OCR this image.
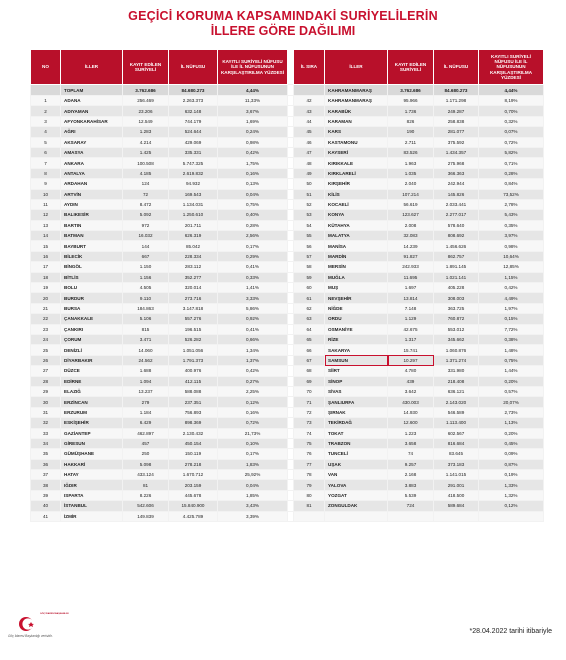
GEÇİCİ KORUMA KAPSAMINDAKİ SURİYELİLERİN
İLLERE GÖRE DAĞILIMI
NO	İLLER	KAYIT EDİLEN SURİYELİ	İL NÜFUSU	KAYITLI SURİYELİ NÜFUSU İLE İL NÜFUSUNUN KARŞILAŞTIRILMA YÜZDESİ		İL SIRA	İLLER	KAYIT EDİLEN SURİYELİ	İL NÜFUSU	KAYITLI SURİYELİ NÜFUSU İLE İL NÜFUSUNUN KARŞILAŞTIRILMA YÜZDESİ
	TOPLAM	3.762.686	84.680.273	4,44%			KAHRAMANMARAŞ	3.762.686	84.680.273	4,44%
1	ADANA	256.469	2.263.373	11,33%		42	KAHRAMANMARAŞ	95.966	1.171.298	8,19%
2	ADIYAMAN	23.206	632.148	3,67%		43	KARABÜK	1.736	249.287	0,70%
3	AFYONKARAHİSAR	12.549	744.179	1,69%		44	KARAMAN	826	258.838	0,32%
4	AĞRI	1.283	524.644	0,24%		45	KARS	190	281.077	0,07%
5	AKSARAY	4.214	429.069	0,98%		46	KASTAMONU	2.711	375.592	0,72%
6	AMASYA	1.425	335.331	0,42%		47	KAYSERİ	83.526	1.434.357	5,82%
7	ANKARA	100.508	5.747.325	1,75%		48	KIRIKKALE	1.963	275.968	0,71%
8	ANTALYA	4.185	2.619.832	0,16%		49	KIRKLARELİ	1.035	366.363	0,28%
9	ARDAHAN	124	94.932	0,13%		50	KIRŞEHİR	2.040	242.944	0,84%
10	ARTVİN	72	169.543	0,04%		51	KİLİS	107.214	145.826	73,52%
11	AYDIN	8.472	1.134.031	0,75%		52	KOCAELİ	56.619	2.033.441	2,78%
12	BALIKESİR	5.092	1.250.610	0,40%		53	KONYA	123.627	2.277.017	5,43%
13	BARTIN	972	201.711	0,28%		54	KÜTAHYA	2.008	578.640	0,35%
14	BATMAN	16.032	626.319	2,56%		55	MALATYA	32.083	808.692	3,97%
15	BAYBURT	144	85.042	0,17%		56	MANİSA	14.239	1.456.626	0,98%
16	BİLECİK	667	228.334	0,29%		57	MARDİN	91.827	862.757	10,64%
17	BİNGÖL	1.150	283.112	0,41%		58	MERSİN	242.933	1.891.145	12,85%
18	BİTLİS	1.156	352.277	0,33%		59	MUĞLA	11.695	1.021.141	1,15%
19	BOLU	4.505	320.014	1,41%		60	MUŞ	1.697	405.228	0,42%
20	BURDUR	9.110	273.716	3,33%		61	NEVŞEHİR	13.814	308.003	4,49%
21	BURSA	184.863	3.147.818	5,86%		62	NİĞDE	7.148	363.725	1,97%
22	ÇANAKKALE	5.106	557.276	0,92%		63	ORDU	1.129	760.872	0,15%
23	ÇANKIRI	815	196.515	0,41%		64	OSMANİYE	42.675	553.012	7,72%
24	ÇORUM	3.471	526.282	0,66%		65	RİZE	1.317	345.662	0,38%
25	DENİZLİ	14.060	1.051.056	1,34%		66	SAKARYA	15.741	1.060.876	1,48%
26	DİYARBAKIR	24.562	1.791.373	1,37%		67	SAMSUN	10.297	1.371.274	0,75%
27	DÜZCE	1.688	400.976	0,42%		68	SİİRT	4.780	331.980	1,44%
28	EDİRNE	1.094	412.115	0,27%		69	SİNOP	439	218.408	0,20%
29	ELAZIĞ	13.237	588.088	2,25%		70	SİVAS	3.642	636.121	0,57%
30	ERZİNCAN	279	237.351	0,12%		71	ŞANLIURFA	430.003	2.143.020	20,07%
31	ERZURUM	1.184	756.893	0,16%		72	ŞIRNAK	14.930	546.589	2,73%
32	ESKİŞEHİR	6.429	898.369	0,72%		73	TEKİRDAĞ	12.600	1.113.400	1,13%
33	GAZİANTEP	462.897	2.130.432	21,73%		74	TOKAT	1.223	602.567	0,20%
34	GİRESUN	457	450.154	0,10%		75	TRABZON	3.658	816.684	0,45%
35	GÜMÜŞHANE	250	150.119	0,17%		76	TUNCELİ	74	83.645	0,09%
36	HAKKARİ	5.098	278.218	1,83%		77	UŞAK	9.257	373.183	0,87%
37	HATAY	433.124	1.670.712	25,92%		78	VAN	2.168	1.141.015	0,19%
38	IĞDIR	81	203.159	0,04%		79	YALOVA	3.883	291.001	1,33%
39	ISPARTA	8.226	445.678	1,85%		80	YOZGAT	5.539	418.500	1,32%
40	İSTANBUL	542.606	15.840.900	3,43%		81	ZONGULDAK	724	589.684	0,12%
41	İZMİR	149.839	4.425.789	3,39%						
GÖÇ İDARESİ BAŞKANLIĞI
Göç İdaresi Başkanlığı verisidir.
*28.04.2022 tarihi itibariyle
